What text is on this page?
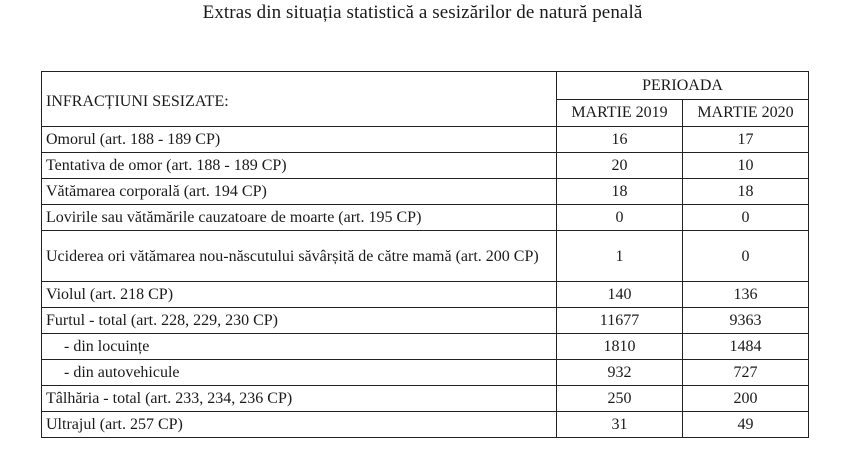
Extras din situația statistică a sesizărilor de natură penală
INFRACȚIUNI SESIZATE:	PERIOADA	
	MARTIE 2019	MARTIE 2020
Omorul (art. 188 - 189 CP)	16	17
Tentativa de omor (art. 188 - 189 CP)	20	10
Vătămarea corporală (art. 194 CP)	18	18
Lovirile sau vătămările cauzatoare de moarte (art. 195 CP)	0	0
Uciderea ori vătămarea nou-născutului săvârșită de către mamă (art. 200 CP)	1	0
Violul (art. 218 CP)	140	136
Furtul - total (art. 228, 229, 230 CP)	11677	9363
- din locuințe	1810	1484
- din autovehicule	932	727
Tâlhăria - total (art. 233, 234, 236 CP)	250	200
Ultrajul (art. 257 CP)	31	49
